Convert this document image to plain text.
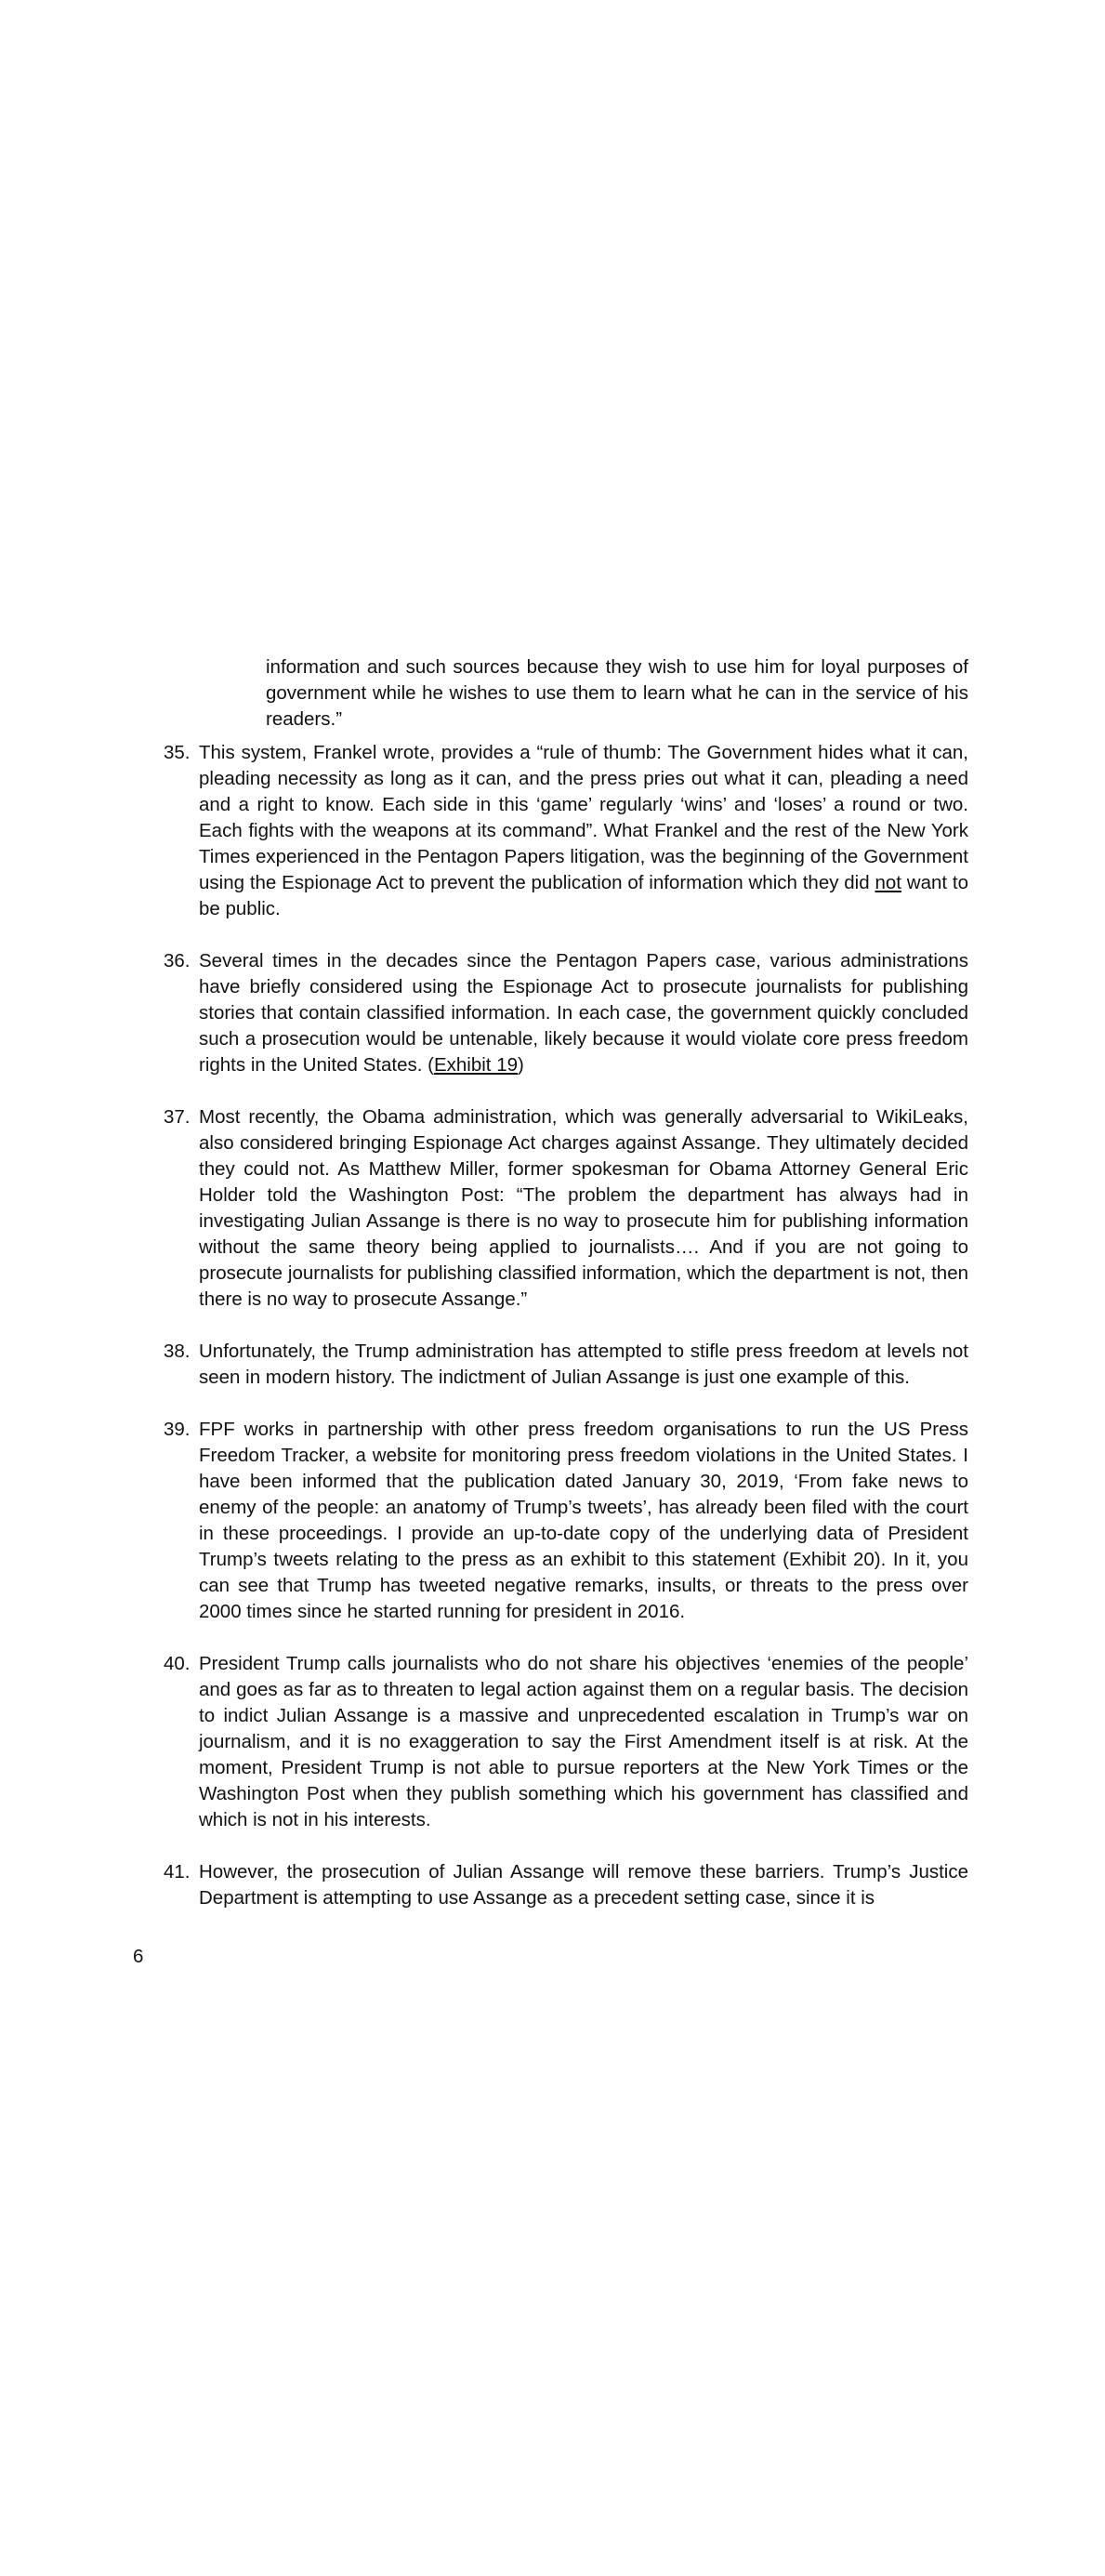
information and such sources because they wish to use him for loyal purposes of government while he wishes to use them to learn what he can in the service of his readers.”

35. This system, Frankel wrote, provides a “rule of thumb: The Government hides what it can, pleading necessity as long as it can, and the press pries out what it can, pleading a need and a right to know. Each side in this ‘game’ regularly ‘wins’ and ‘loses’ a round or two. Each fights with the weapons at its command”. What Frankel and the rest of the New York Times experienced in the Pentagon Papers litigation, was the beginning of the Government using the Espionage Act to prevent the publication of information which they did not want to be public.
36. Several times in the decades since the Pentagon Papers case, various administrations have briefly considered using the Espionage Act to prosecute journalists for publishing stories that contain classified information. In each case, the government quickly concluded such a prosecution would be untenable, likely because it would violate core press freedom rights in the United States. (Exhibit 19)
37. Most recently, the Obama administration, which was generally adversarial to WikiLeaks, also considered bringing Espionage Act charges against Assange. They ultimately decided they could not. As Matthew Miller, former spokesman for Obama Attorney General Eric Holder told the Washington Post: “The problem the department has always had in investigating Julian Assange is there is no way to prosecute him for publishing information without the same theory being applied to journalists…. And if you are not going to prosecute journalists for publishing classified information, which the department is not, then there is no way to prosecute Assange.”
38. Unfortunately, the Trump administration has attempted to stifle press freedom at levels not seen in modern history. The indictment of Julian Assange is just one example of this.
39. FPF works in partnership with other press freedom organisations to run the US Press Freedom Tracker, a website for monitoring press freedom violations in the United States. I have been informed that the publication dated January 30, 2019, ‘From fake news to enemy of the people: an anatomy of Trump’s tweets’, has already been filed with the court in these proceedings. I provide an up-to-date copy of the underlying data of President Trump’s tweets relating to the press as an exhibit to this statement (Exhibit 20). In it, you can see that Trump has tweeted negative remarks, insults, or threats to the press over 2000 times since he started running for president in 2016.
40. President Trump calls journalists who do not share his objectives ‘enemies of the people’ and goes as far as to threaten to legal action against them on a regular basis. The decision to indict Julian Assange is a massive and unprecedented escalation in Trump’s war on journalism, and it is no exaggeration to say the First Amendment itself is at risk. At the moment, President Trump is not able to pursue reporters at the New York Times or the Washington Post when they publish something which his government has classified and which is not in his interests.
41. However, the prosecution of Julian Assange will remove these barriers. Trump’s Justice Department is attempting to use Assange as a precedent setting case, since it is
6
